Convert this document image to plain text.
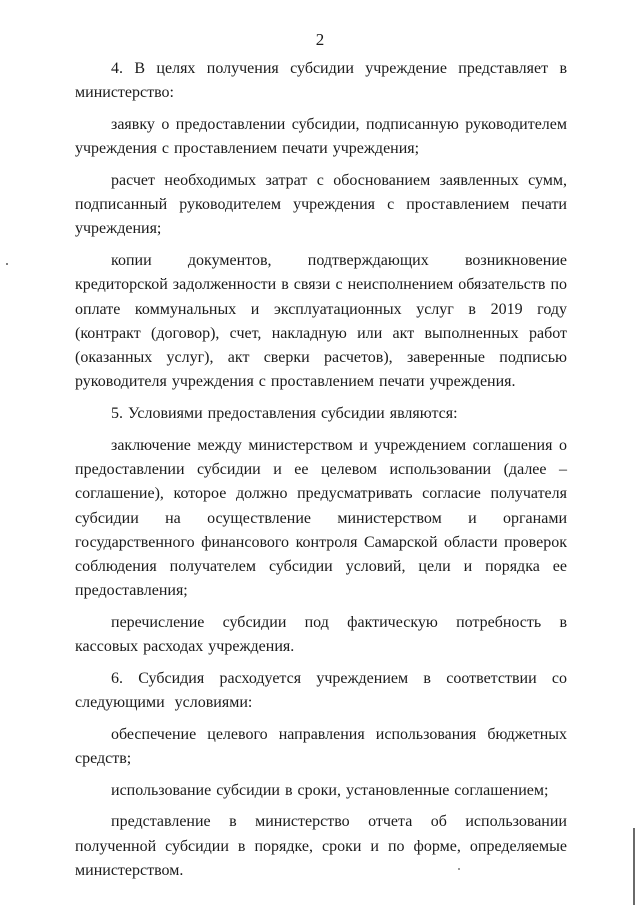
2

4. В целях получения субсидии учреждение представляет в министерство:

заявку о предоставлении субсидии, подписанную руководителем учреждения с проставлением печати учреждения;

расчет необходимых затрат с обоснованием заявленных сумм, подписанный руководителем учреждения с проставлением печати учреждения;

копии документов, подтверждающих возникновение кредиторской задолженности в связи с неисполнением обязательств по оплате коммунальных и эксплуатационных услуг в 2019 году (контракт (договор), счет, накладную или акт выполненных работ (оказанных услуг), акт сверки расчетов), заверенные подписью руководителя учреждения с проставлением печати учреждения.

5. Условиями предоставления субсидии являются:

заключение между министерством и учреждением соглашения о предоставлении субсидии и ее целевом использовании (далее – соглашение), которое должно предусматривать согласие получателя субсидии на осуществление министерством и органами государственного финансового контроля Самарской области проверок соблюдения получателем субсидии условий, цели и порядка ее предоставления;

перечисление субсидии под фактическую потребность в кассовых расходах учреждения.

6. Субсидия расходуется учреждением в соответствии со следующими условиями:

обеспечение целевого направления использования бюджетных средств;

использование субсидии в сроки, установленные соглашением;

представление в министерство отчета об использовании полученной субсидии в порядке, сроки и по форме, определяемые министерством.
